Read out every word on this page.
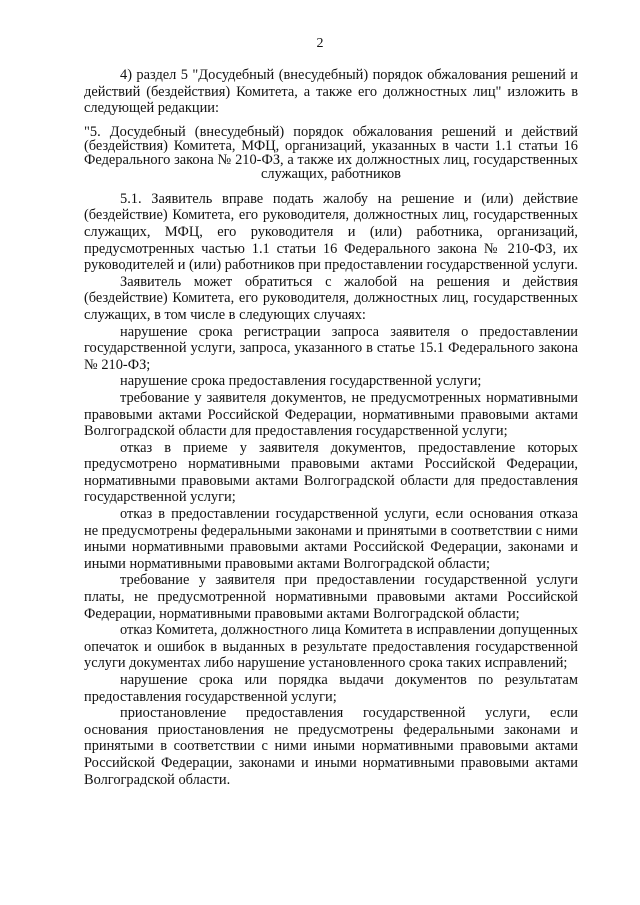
2

4) раздел 5 "Досудебный (внесудебный) порядок обжалования решений и действий (бездействия) Комитета, а также его должностных лиц" изложить в следующей редакции:

"5. Досудебный (внесудебный) порядок обжалования решений и действий (бездействия) Комитета, МФЦ, организаций, указанных в части 1.1 статьи 16 Федерального закона № 210-ФЗ, а также их должностных лиц, государственных служащих, работников

5.1. Заявитель вправе подать жалобу на решение и (или) действие (бездействие) Комитета, его руководителя, должностных лиц, государственных служащих, МФЦ, его руководителя и (или) работника, организаций, предусмотренных частью 1.1 статьи 16 Федерального закона № 210-ФЗ, их руководителей и (или) работников при предоставлении государственной услуги.

Заявитель может обратиться с жалобой на решения и действия (бездействие) Комитета, его руководителя, должностных лиц, государственных служащих, в том числе в следующих случаях:

нарушение срока регистрации запроса заявителя о предоставлении государственной услуги, запроса, указанного в статье 15.1 Федерального закона № 210-ФЗ;

нарушение срока предоставления государственной услуги;

требование у заявителя документов, не предусмотренных нормативными правовыми актами Российской Федерации, нормативными правовыми актами Волгоградской области для предоставления государственной услуги;

отказ в приеме у заявителя документов, предоставление которых предусмотрено нормативными правовыми актами Российской Федерации, нормативными правовыми актами Волгоградской области для предоставления государственной услуги;

отказ в предоставлении государственной услуги, если основания отказа не предусмотрены федеральными законами и принятыми в соответствии с ними иными нормативными правовыми актами Российской Федерации, законами и иными нормативными правовыми актами Волгоградской области;

требование у заявителя при предоставлении государственной услуги платы, не предусмотренной нормативными правовыми актами Российской Федерации, нормативными правовыми актами Волгоградской области;

отказ Комитета, должностного лица Комитета в исправлении допущенных опечаток и ошибок в выданных в результате предоставления государственной услуги документах либо нарушение установленного срока таких исправлений;

нарушение срока или порядка выдачи документов по результатам предоставления государственной услуги;

приостановление предоставления государственной услуги, если основания приостановления не предусмотрены федеральными законами и принятыми в соответствии с ними иными нормативными правовыми актами Российской Федерации, законами и иными нормативными правовыми актами Волгоградской области.
